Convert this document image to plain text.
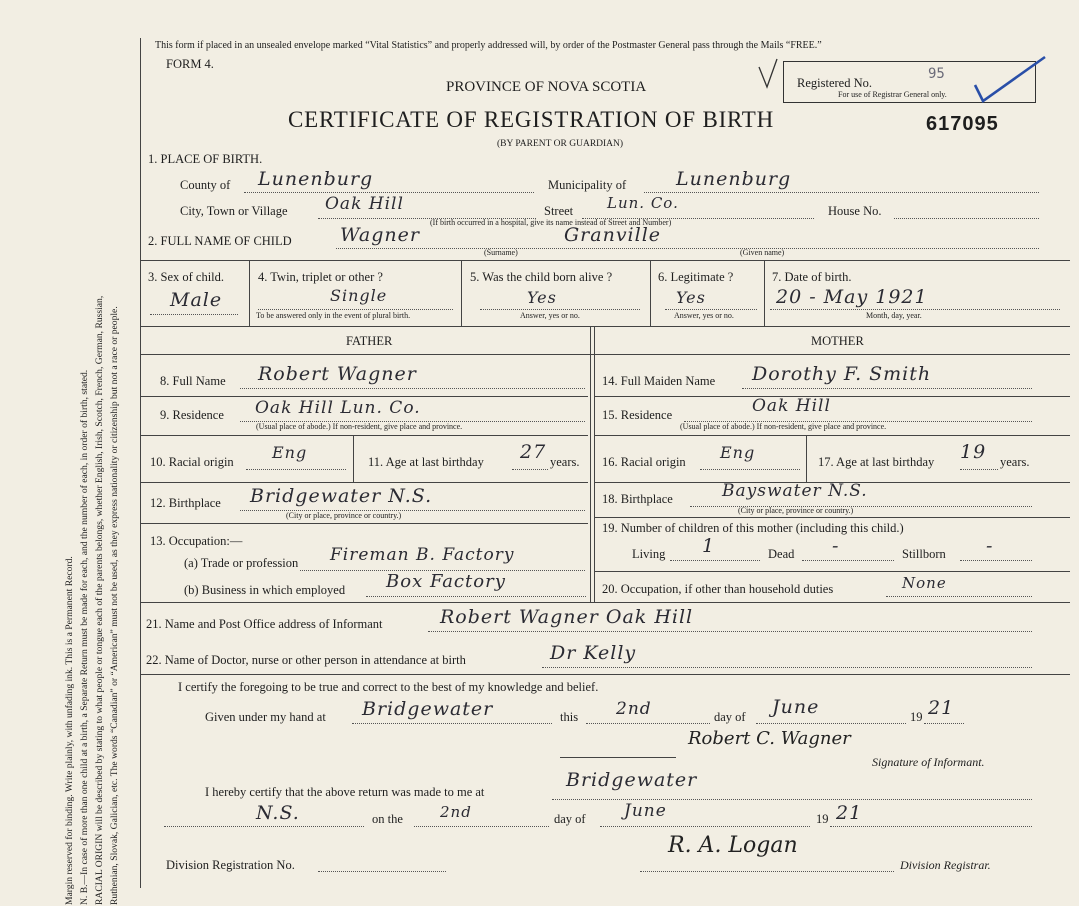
Margin reserved for binding. Write plainly, with unfading ink. This is a Permanent Record. N. B.—In case of more than one child at a birth, a Separate Return must be made for each, and the number of each, in order of birth, stated. RACIAL ORIGIN will be described by stating to what people or tongue each of the parents belongs, whether English, Irish, Scotch, French, German, Russian, Ruthenian, Slovak, Galician, etc. The words “Canadian” or “American” must not be used, as they express nationality or citizenship but not a race or people.
This form if placed in an unsealed envelope marked “Vital Statistics” and properly addressed will, by order of the Postmaster General pass through the Mails “FREE.”
FORM 4.
PROVINCE OF NOVA SCOTIA
CERTIFICATE OF REGISTRATION OF BIRTH
(BY PARENT OR GUARDIAN)
Registered No.
95
For use of Registrar General only.
617095
1. PLACE OF BIRTH.
County of Lunenburg	Municipality of	Lunenburg
City, Town or Village Oak Hill	Street Lun. Co.	House No.
(If birth occurred in a hospital, give its name instead of Street and Number)
2. FULL NAME OF CHILD	Wagner
(Surname)
Granville
(Given name)
3. Sex of child.
Male
4. Twin, triplet or other ?
Single
To be answered only in the event of plural birth.
5. Was the child born alive ?
Yes
Answer, yes or no.
6. Legitimate ?
Yes
Answer, yes or no.
7. Date of birth.
20 - May 1921
Month, day, year.
FATHER	MOTHER
8. Full Name Robert Wagner
9. Residence Oak Hill Lun. Co.
(Usual place of abode.) If non-resident, give place and province.
10. Racial origin Eng	11. Age at last birthday 27 years.
12. Birthplace Bridgewater N.S.
(City or place, province or country.)
13. Occupation:—
(a) Trade or profession Fireman B. Factory
(b) Business in which employed Box Factory
14. Full Maiden Name Dorothy F. Smith
15. Residence	Oak Hill
(Usual place of abode.) If non-resident, give place and province.
16. Racial origin Eng	17. Age at last birthday 19 years.
18. Birthplace	Bayswater N.S.
(City or place, province or country.)
19. Number of children of this mother (including this child.)
Living 1	Dead -	Stillborn -
20. Occupation, if other than household duties	None
21. Name and Post Office address of Informant	Robert Wagner Oak Hill
22. Name of Doctor, nurse or other person in attendance at birth	Dr Kelly
I certify the foregoing to be true and correct to the best of my knowledge and belief.
Given under my hand at Bridgewater	this 2nd	day of June	19 21
Robert C. Wagner
Signature of Informant.
I hereby certify that the above return was made to me at
Bridgewater
N.S.	on the 2nd	day of June	19 21
Division Registration No.
R. A. Logan
Division Registrar.
